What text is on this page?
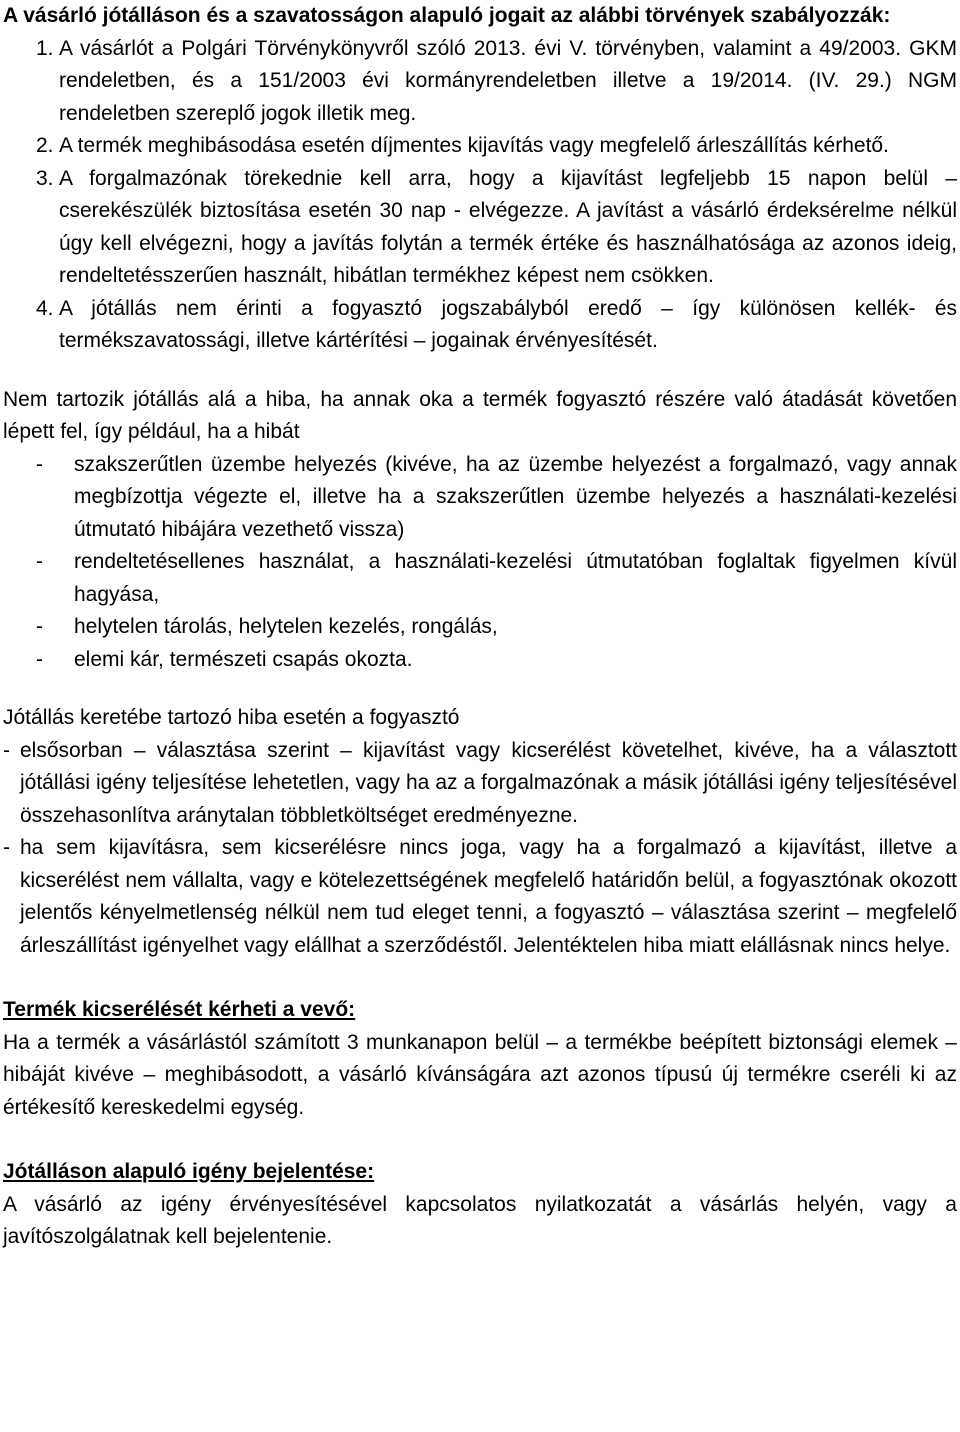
A vásárló jótálláson és a szavatosságon alapuló jogait az alábbi törvények szabályozzák:

1. A vásárlót a Polgári Törvénykönyvről szóló 2013. évi V. törvényben, valamint a 49/2003. GKM rendeletben, és a 151/2003 évi kormányrendeletben illetve a 19/2014. (IV. 29.) NGM rendeletben szereplő jogok illetik meg.
2. A termék meghibásodása esetén díjmentes kijavítás vagy megfelelő árleszállítás kérhető.
3. A forgalmazónak törekednie kell arra, hogy a kijavítást legfeljebb 15 napon belül – cserekészülék biztosítása esetén 30 nap - elvégezze. A javítást a vásárló érdeksérelme nélkül úgy kell elvégezni, hogy a javítás folytán a termék értéke és használhatósága az azonos ideig, rendeltetésszerűen használt, hibátlan termékhez képest nem csökken.
4. A jótállás nem érinti a fogyasztó jogszabályból eredő – így különösen kellék- és termékszavatossági, illetve kártérítési – jogainak érvényesítését.

Nem tartozik jótállás alá a hiba, ha annak oka a termék fogyasztó részére való átadását követően lépett fel, így például, ha a hibát

- szakszerűtlen üzembe helyezés (kivéve, ha az üzembe helyezést a forgalmazó, vagy annak megbízottja végezte el, illetve ha a szakszerűtlen üzembe helyezés a használati-kezelési útmutató hibájára vezethető vissza)
- rendeltetésellenes használat, a használati-kezelési útmutatóban foglaltak figyelmen kívül hagyása,
- helytelen tárolás, helytelen kezelés, rongálás,
- elemi kár, természeti csapás okozta.

Jótállás keretébe tartozó hiba esetén a fogyasztó

- elsősorban – választása szerint – kijavítást vagy kicserélést követelhet, kivéve, ha a választott jótállási igény teljesítése lehetetlen, vagy ha az a forgalmazónak a másik jótállási igény teljesítésével összehasonlítva aránytalan többletköltséget eredményezne.

- ha sem kijavításra, sem kicserélésre nincs joga, vagy ha a forgalmazó a kijavítást, illetve a kicserélést nem vállalta, vagy e kötelezettségének megfelelő határidőn belül, a fogyasztónak okozott jelentős kényelmetlenség nélkül nem tud eleget tenni, a fogyasztó – választása szerint – megfelelő árleszállítást igényelhet vagy elállhat a szerződéstől. Jelentéktelen hiba miatt elállásnak nincs helye.

Termék kicserélését kérheti a vevő:

Ha a termék a vásárlástól számított 3 munkanapon belül – a termékbe beépített biztonsági elemek – hibáját kivéve – meghibásodott, a vásárló kívánságára azt azonos típusú új termékre cseréli ki az értékesítő kereskedelmi egység.

Jótálláson alapuló igény bejelentése:

A vásárló az igény érvényesítésével kapcsolatos nyilatkozatát a vásárlás helyén, vagy a javítószolgálatnak kell bejelentenie.
